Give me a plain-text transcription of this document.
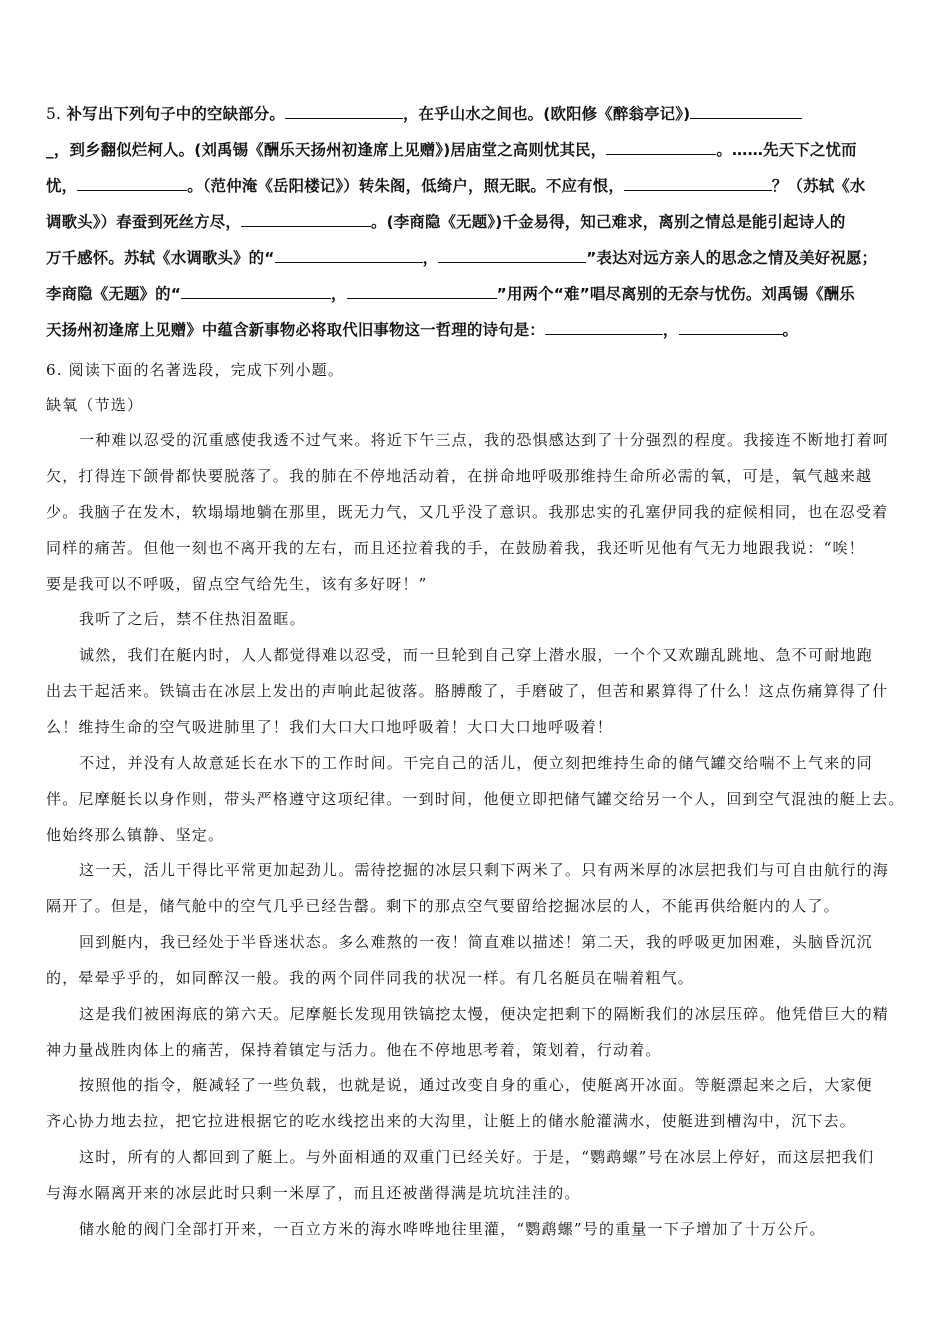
5. 补写出下列句子中的空缺部分。	，在乎山水之间也。(欧阳修《醉翁亭记》)
_，到乡翻似烂柯人。(刘禹锡《酬乐天扬州初逢席上见赠》)居庙堂之高则忧其民，	。……先天下之忧而
忧，	。（范仲淹《岳阳楼记》）转朱阁，低绮户，照无眠。不应有恨，	？（苏轼《水
调歌头》）春蚕到死丝方尽，	。(李商隐《无题》)千金易得，知己难求，离别之情总是能引起诗人的
万千感怀。苏轼《水调歌头》的“	，	”表达对远方亲人的思念之情及美好祝愿；
李商隐《无题》的“	，	”用两个“难”唱尽离别的无奈与忧伤。刘禹锡《酬乐
天扬州初逢席上见赠》中蕴含新事物必将取代旧事物这一哲理的诗句是：	，	。
6. 阅读下面的名著选段，完成下列小题。
缺氧（节选）
一种难以忍受的沉重感使我透不过气来。将近下午三点，我的恐惧感达到了十分强烈的程度。我接连不断地打着呵
欠，打得连下颌骨都快要脱落了。我的肺在不停地活动着，在拼命地呼吸那维持生命所必需的氧，可是，氧气越来越
少。我脑子在发木，软塌塌地躺在那里，既无力气，又几乎没了意识。我那忠实的孔塞伊同我的症候相同，也在忍受着
同样的痛苦。但他一刻也不离开我的左右，而且还拉着我的手，在鼓励着我，我还听见他有气无力地跟我说：“唉！
要是我可以不呼吸，留点空气给先生，该有多好呀！”
我听了之后，禁不住热泪盈眶。
诚然，我们在艇内时，人人都觉得难以忍受，而一旦轮到自己穿上潜水服，一个个又欢蹦乱跳地、急不可耐地跑
出去干起活来。铁镐击在冰层上发出的声响此起彼落。胳膊酸了，手磨破了，但苦和累算得了什么！这点伤痛算得了什
么！维持生命的空气吸进肺里了！我们大口大口地呼吸着！大口大口地呼吸着！
不过，并没有人故意延长在水下的工作时间。干完自己的活儿，便立刻把维持生命的储气罐交给喘不上气来的同
伴。尼摩艇长以身作则，带头严格遵守这项纪律。一到时间，他便立即把储气罐交给另一个人，回到空气混浊的艇上去。
他始终那么镇静、坚定。
这一天，活儿干得比平常更加起劲儿。需待挖掘的冰层只剩下两米了。只有两米厚的冰层把我们与可自由航行的海
隔开了。但是，储气舱中的空气几乎已经告罄。剩下的那点空气要留给挖掘冰层的人，不能再供给艇内的人了。
回到艇内，我已经处于半昏迷状态。多么难熬的一夜！简直难以描述！第二天，我的呼吸更加困难，头脑昏沉沉
的，晕晕乎乎的，如同醉汉一般。我的两个同伴同我的状况一样。有几名艇员在喘着粗气。
这是我们被困海底的第六天。尼摩艇长发现用铁镐挖太慢，便决定把剩下的隔断我们的冰层压碎。他凭借巨大的精
神力量战胜肉体上的痛苦，保持着镇定与活力。他在不停地思考着，策划着，行动着。
按照他的指令，艇减轻了一些负载，也就是说，通过改变自身的重心，使艇离开冰面。等艇漂起来之后，大家便
齐心协力地去拉，把它拉进根据它的吃水线挖出来的大沟里，让艇上的储水舱灌满水，使艇进到槽沟中，沉下去。
这时，所有的人都回到了艇上。与外面相通的双重门已经关好。于是，“鹦鹉螺”号在冰层上停好，而这层把我们
与海水隔离开来的冰层此时只剩一米厚了，而且还被凿得满是坑坑洼洼的。
储水舱的阀门全部打开来，一百立方米的海水哗哗地往里灌，“鹦鹉螺”号的重量一下子增加了十万公斤。
